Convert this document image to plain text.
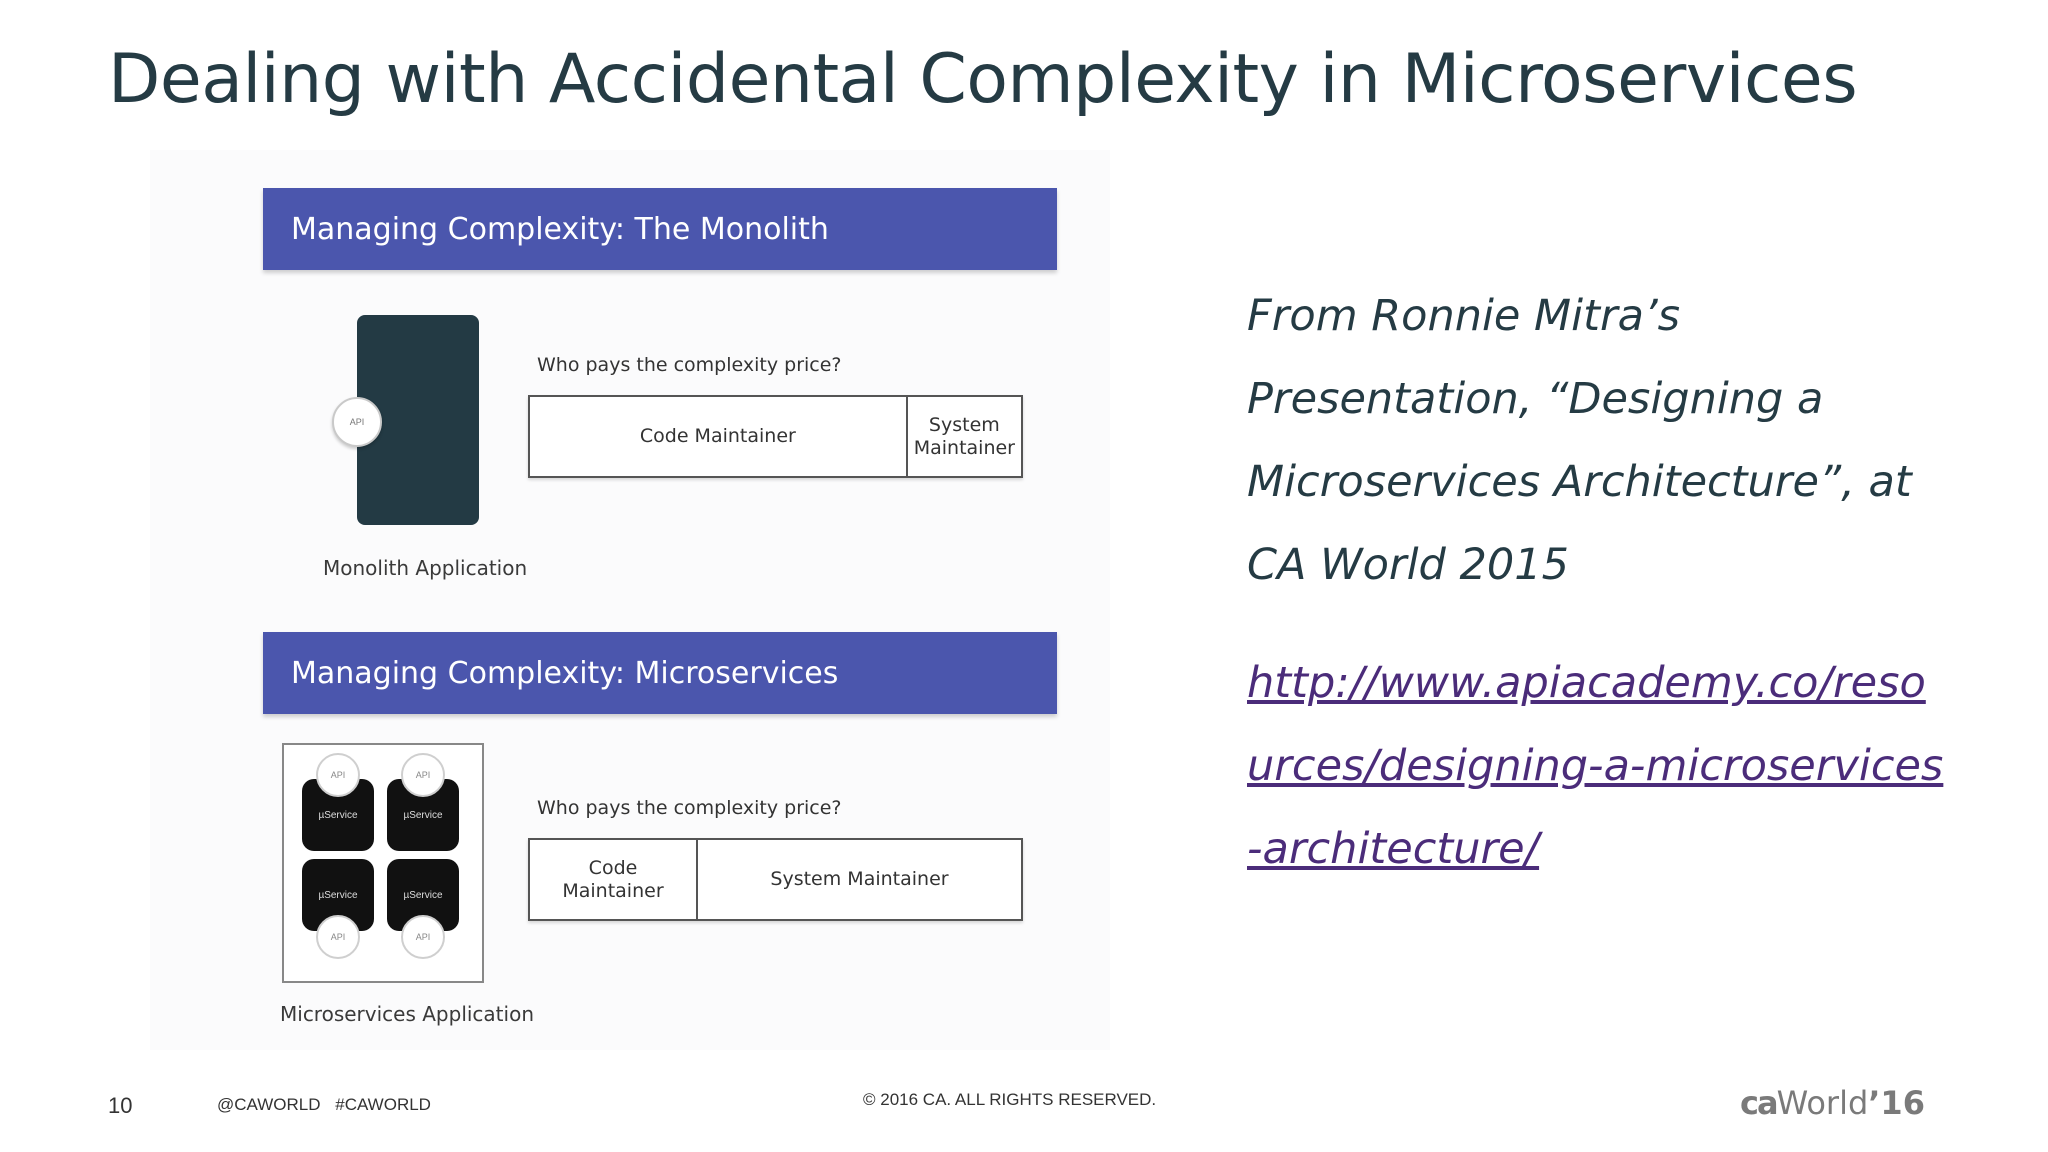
Dealing with Accidental Complexity in Microservices
Managing Complexity: The Monolith
API
Monolith Application
Who pays the complexity price?
Code Maintainer
System Maintainer
Managing Complexity: Microservices
µService	µService
µService	µService
API	API
API	API
Microservices Application
Who pays the complexity price?
Code Maintainer
System Maintainer
From Ronnie Mitra’s Presentation, “Designing a Microservices Architecture”, at CA World 2015
http://www.apiacademy.co/resources/designing-a-microservices-architecture/
10	@CAWORLD #CAWORLD	© 2016 CA. ALL RIGHTS RESERVED.	caWorld’16
